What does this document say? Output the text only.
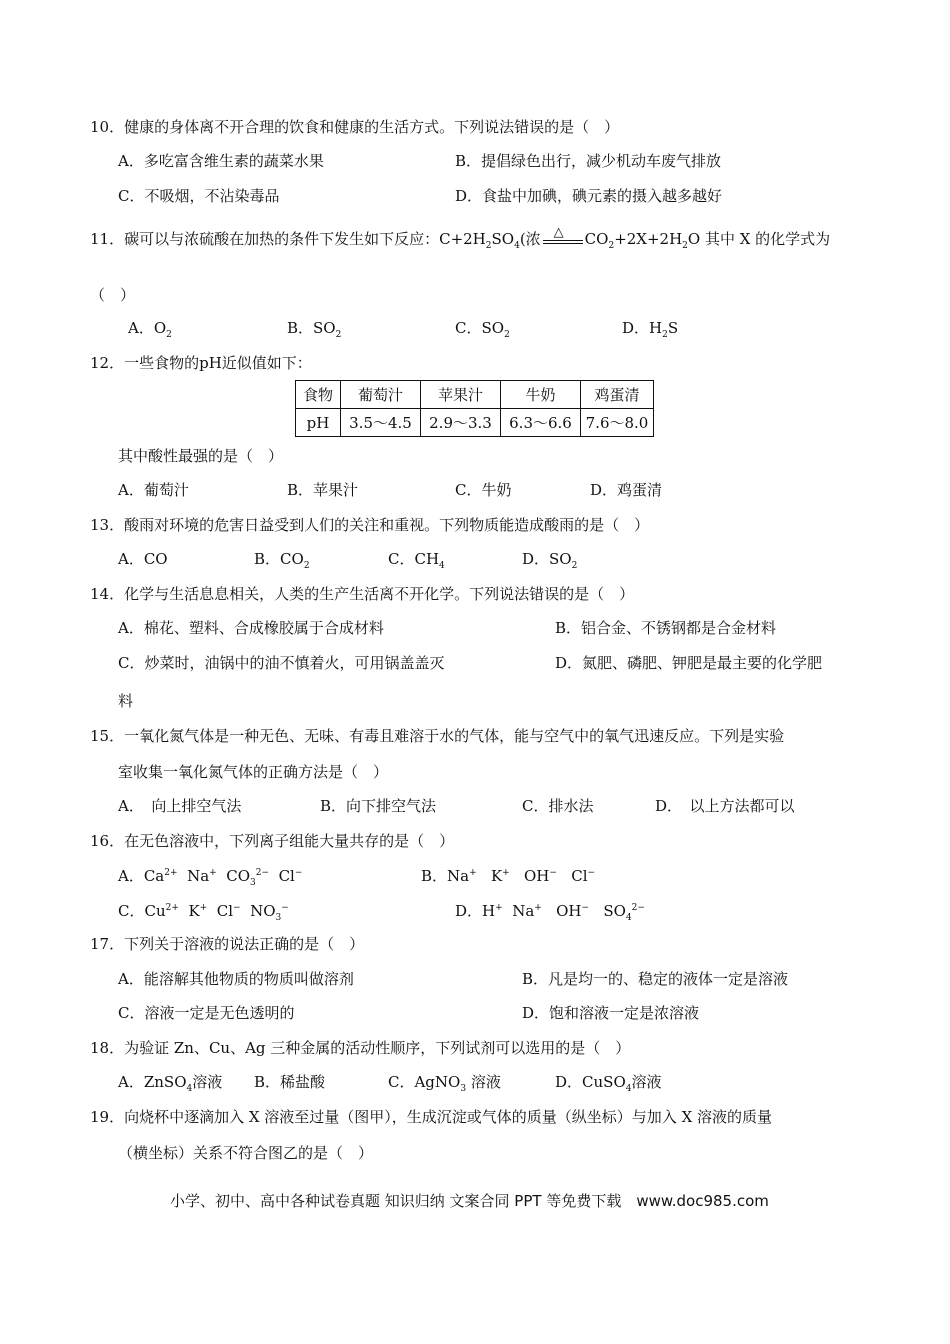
10．健康的身体离不开合理的饮食和健康的生活方式。下列说法错误的是（　）
A．多吃富含维生素的蔬菜水果	B．提倡绿色出行，减少机动车废气排放
C．不吸烟，不沾染毒品	D．食盐中加碘，碘元素的摄入越多越好
11．碳可以与浓硫酸在加热的条件下发生如下反应：$C+2H_2SO_4$(浓 △ $CO_2+2X+2H_2O$ 其中 X 的化学式为
（　）
A．$O_2$	B．$SO_2$	C．$SO_2$	D．$H_2S$
12．一些食物的pH近似值如下：
食物	葡萄汁	苹果汁	牛奶	鸡蛋清
pH	3.5～4.5	2.9～3.3	6.3～6.6	7.6～8.0
其中酸性最强的是（　）
A．葡萄汁	B．苹果汁	C．牛奶	D．鸡蛋清
13．酸雨对环境的危害日益受到人们的关注和重视。下列物质能造成酸雨的是（　）
A．CO	B．$CO_2$	C．$CH_4$	D．$SO_2$
14．化学与生活息息相关，人类的生产生活离不开化学。下列说法错误的是（　）
A．棉花、塑料、合成橡胶属于合成材料	B．铝合金、不锈钢都是合金材料
C．炒菜时，油锅中的油不慎着火，可用锅盖盖灭	D．氮肥、磷肥、钾肥是最主要的化学肥
料
15．一氧化氮气体是一种无色、无味、有毒且难溶于水的气体，能与空气中的氧气迅速反应。下列是实验
室收集一氧化氮气体的正确方法是（　）
A．　向上排空气法	B．向下排空气法	C．排水法	D．　以上方法都可以
16．在无色溶液中，下列离子组能大量共存的是（　）
A．$Ca^{2+}$  Na+  $CO_3^{2-}$  Cl−	B．Na+   K+   OH−   Cl−
C．$Cu^{2+}$  K+  Cl−  $NO_3^-$	D．H+  Na+   OH−   $SO_4^{2-}$
17．下列关于溶液的说法正确的是（　）
A．能溶解其他物质的物质叫做溶剂	B．凡是均一的、稳定的液体一定是溶液
C．溶液一定是无色透明的	D．饱和溶液一定是浓溶液
18．为验证 Zn、Cu、Ag 三种金属的活动性顺序，下列试剂可以选用的是（　）
A．ZnSO$_4$溶液 B．稀盐酸	C．AgNO$_3$ 溶液	D．CuSO$_4$溶液
19．向烧杯中逐滴加入 X 溶液至过量（图甲），生成沉淀或气体的质量（纵坐标）与加入 X 溶液的质量
（横坐标）关系不符合图乙的是（　）
小学、初中、高中各种试卷真题 知识归纳 文案合同 PPT 等免费下载　www.doc985.com
